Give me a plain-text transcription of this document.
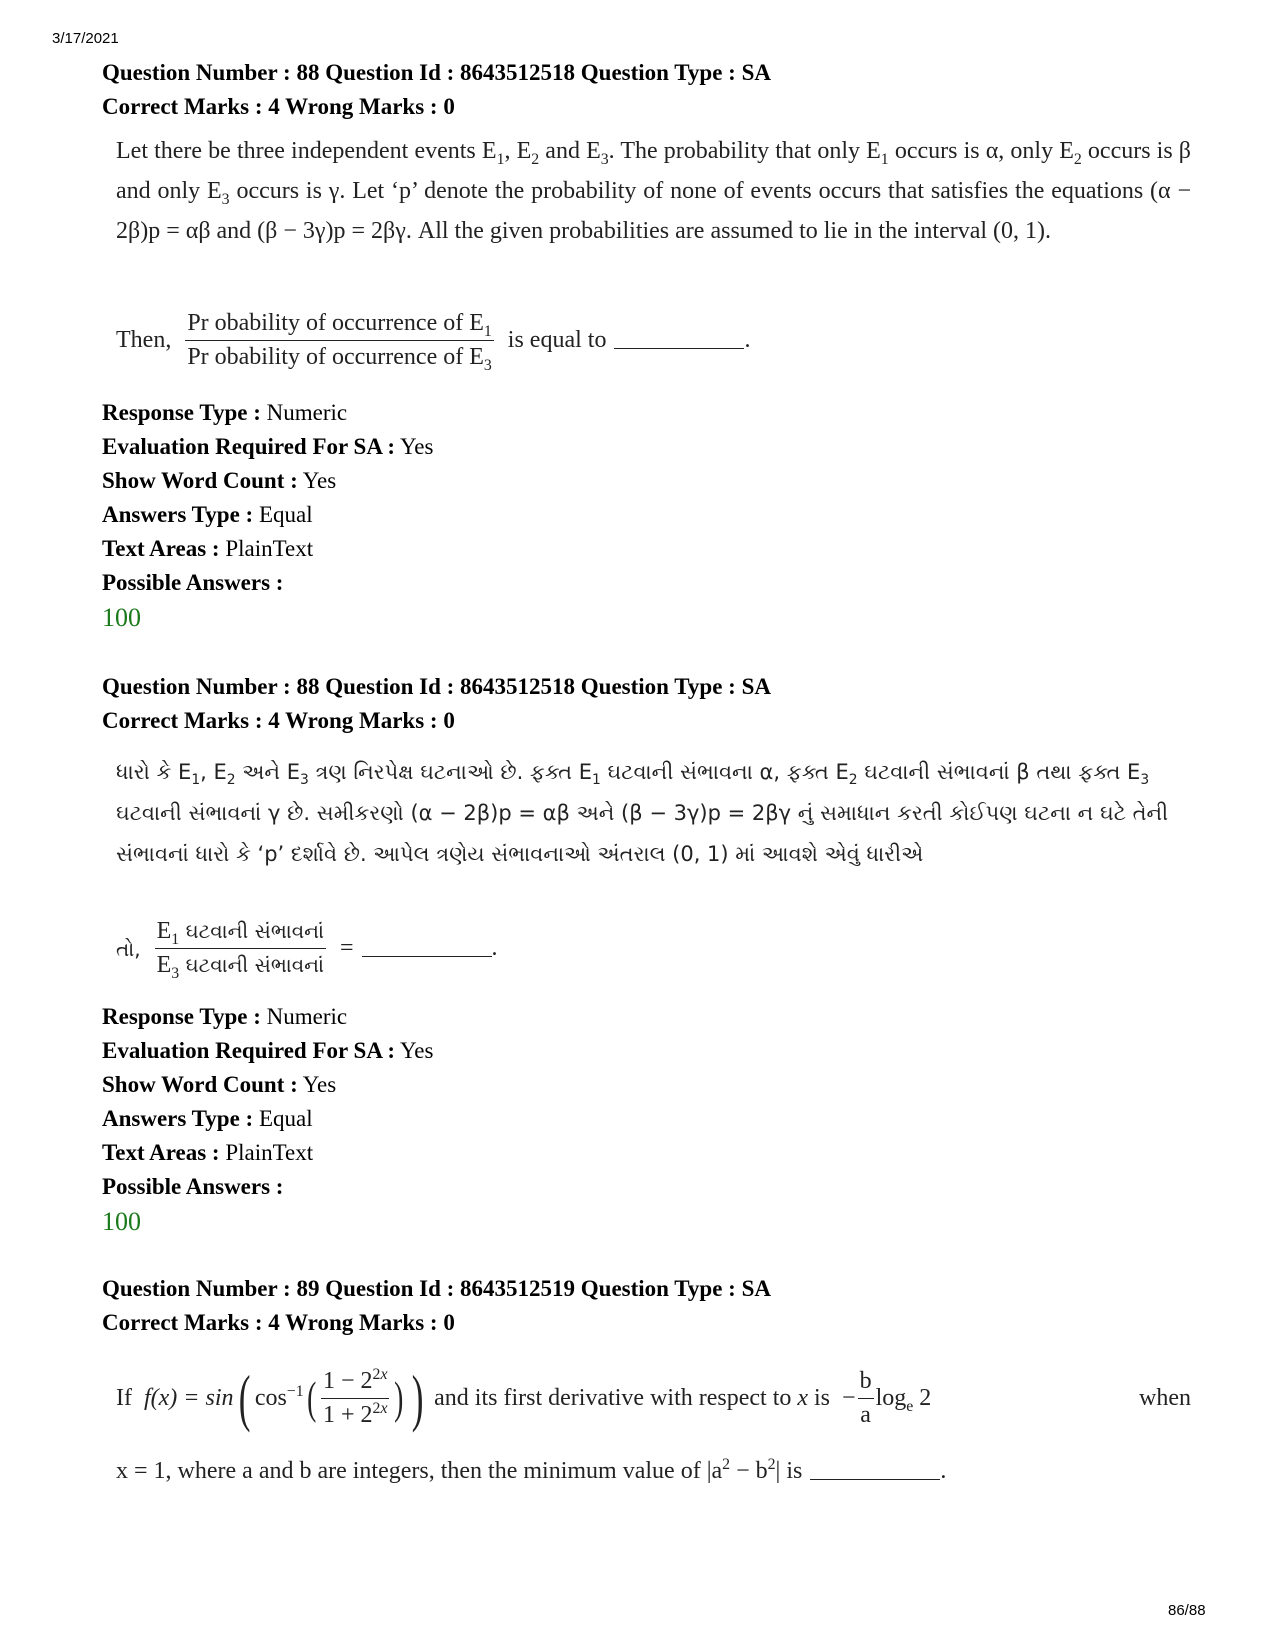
3/17/2021
Question Number : 88 Question Id : 8643512518 Question Type : SA
Correct Marks : 4 Wrong Marks : 0
Let there be three independent events $E_1$, $E_2$ and $E_3$. The probability that only $E_1$ occurs is α, only $E_2$ occurs is β and only $E_3$ occurs is γ. Let ‘p’ denote the probability of none of events occurs that satisfies the equations (α − 2β)p = αβ and (β − 3γ)p = 2βγ. All the given probabilities are assumed to lie in the interval (0, 1).
Then, $\frac{Pr obability of occurrence of E_1}{Pr obability of occurrence of E_3}$ is equal to	.
Response Type : Numeric
Evaluation Required For SA : Yes
Show Word Count : Yes
Answers Type : Equal
Text Areas : PlainText
Possible Answers :
100
Question Number : 88 Question Id : 8643512518 Question Type : SA
Correct Marks : 4 Wrong Marks : 0
ધારો કે $E_1$, $E_2$ અને $E_3$ ત્રણ નિરપેક્ષ ઘટનાઓ છે. ફક્ત $E_1$ ઘટવાની સંભાવના α, ફક્ત $E_2$ ઘટવાની સંભાવનાં β તથા ફક્ત $E_3$ ઘટવાની સંભાવનાં γ છે. સમીકરણો (α − 2β)p = αβ અને (β − 3γ)p = 2βγ નું સમાધાન કરતી કોઈપણ ઘટના ન ઘટે તેની સંભાવનાં ધારો કે ‘p’ દર્શાવે છે. આપેલ ત્રણેય સંભાવનાઓ અંતરાલ (0, 1) માં આવશે એવું ધારીએ
તો, $\frac{E_1 ઘટવાની સંભાવનાં}{E_3 ઘટવાની સંભાવનાં}$ =	.
Response Type : Numeric
Evaluation Required For SA : Yes
Show Word Count : Yes
Answers Type : Equal
Text Areas : PlainText
Possible Answers :
100
Question Number : 89 Question Id : 8643512519 Question Type : SA
Correct Marks : 4 Wrong Marks : 0
If
f(x) = sin ( $\cos^{-1}$ ( $\frac{1 - 2^{2x}}{1 + 2^{2x}}$ ) )
and its first derivative with respect to
x
is
− $\frac{b}{a} \log_e$
2	when
x = 1, where a and b are integers, then the minimum value of
$|a^2 - b^2|$
is	.
86/88
